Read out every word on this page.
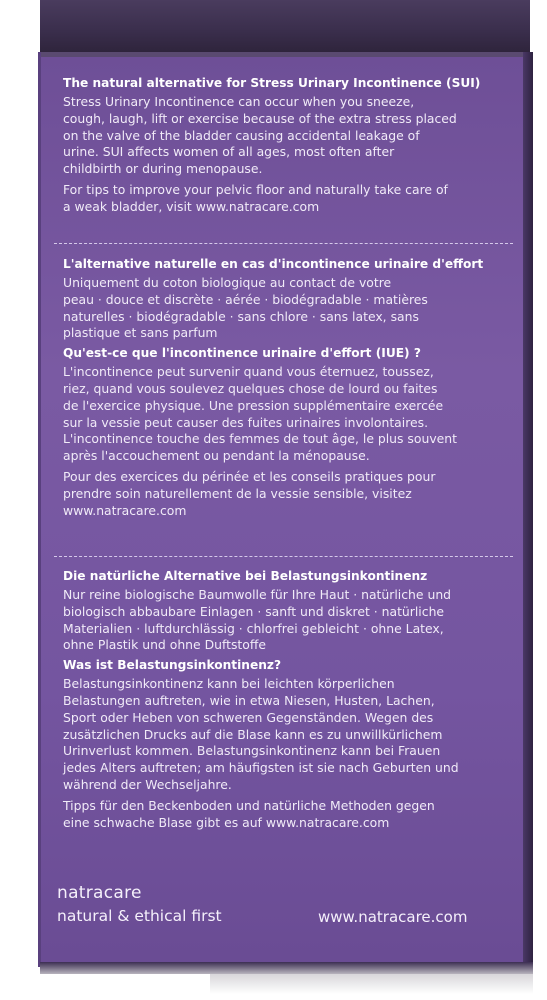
The natural alternative for Stress Urinary Incontinence (SUI)

Stress Urinary Incontinence can occur when you sneeze,
cough, laugh, lift or exercise because of the extra stress placed
on the valve of the bladder causing accidental leakage of
urine. SUI affects women of all ages, most often after
childbirth or during menopause.

For tips to improve your pelvic floor and naturally take care of
a weak bladder, visit www.natracare.com

L'alternative naturelle en cas d'incontinence urinaire d'effort

Uniquement du coton biologique au contact de votre
peau · douce et discrète · aérée · biodégradable · matières
naturelles · biodégradable · sans chlore · sans latex, sans
plastique et sans parfum

Qu'est-ce que l'incontinence urinaire d'effort (IUE) ?

L'incontinence peut survenir quand vous éternuez, toussez,
riez, quand vous soulevez quelques chose de lourd ou faites
de l'exercice physique. Une pression supplémentaire exercée
sur la vessie peut causer des fuites urinaires involontaires.
L'incontinence touche des femmes de tout âge, le plus souvent
après l'accouchement ou pendant la ménopause.

Pour des exercices du périnée et les conseils pratiques pour
prendre soin naturellement de la vessie sensible, visitez
www.natracare.com

Die natürliche Alternative bei Belastungsinkontinenz

Nur reine biologische Baumwolle für Ihre Haut · natürliche und
biologisch abbaubare Einlagen · sanft und diskret · natürliche
Materialien · luftdurchlässig · chlorfrei gebleicht · ohne Latex,
ohne Plastik und ohne Duftstoffe

Was ist Belastungsinkontinenz?

Belastungsinkontinenz kann bei leichten körperlichen
Belastungen auftreten, wie in etwa Niesen, Husten, Lachen,
Sport oder Heben von schweren Gegenständen. Wegen des
zusätzlichen Drucks auf die Blase kann es zu unwillkürlichem
Urinverlust kommen. Belastungsinkontinenz kann bei Frauen
jedes Alters auftreten; am häufigsten ist sie nach Geburten und
während der Wechseljahre.

Tipps für den Beckenboden und natürliche Methoden gegen
eine schwache Blase gibt es auf www.natracare.com

natracare
natural & ethical first	www.natracare.com
